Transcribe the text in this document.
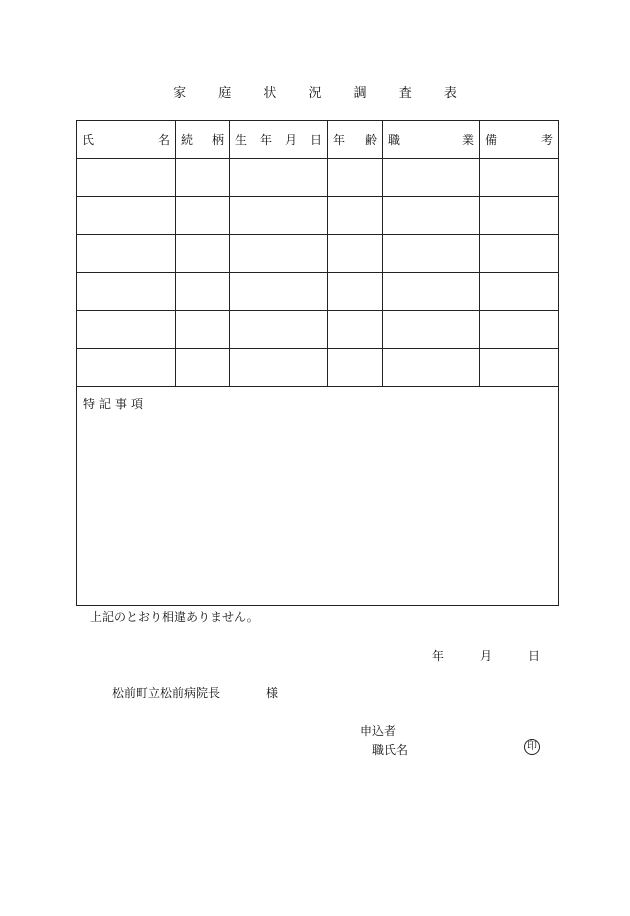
家 庭 状 況 調 査 表
氏 名	続 柄	生 年 月 日	年 齢	職 業	備 考

特記事項					
上記のとおり相違ありません。
年	月	日
松前町立松前病院長	様
申込者
職氏名	印
